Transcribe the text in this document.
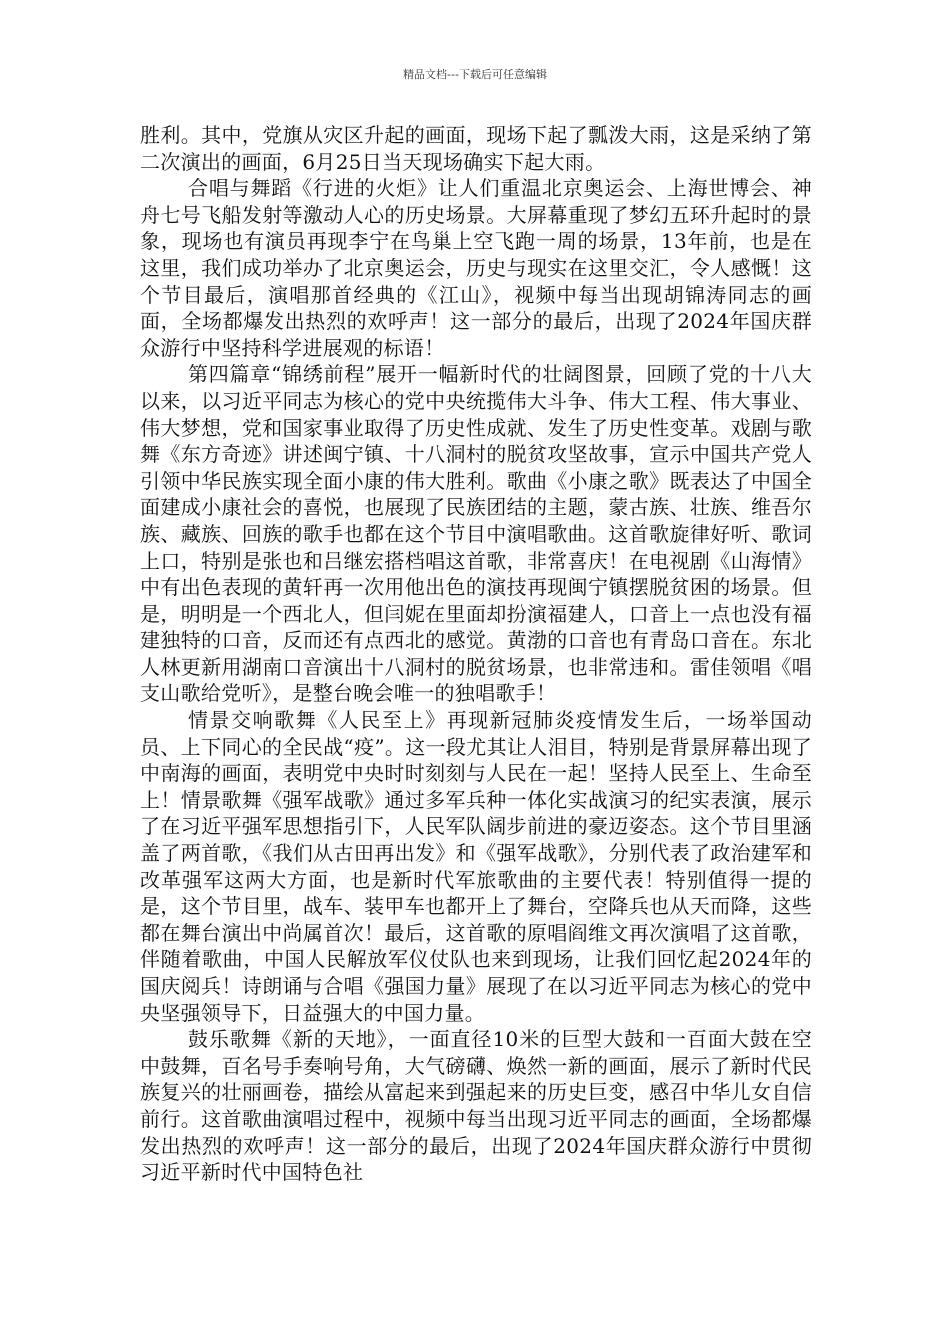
精品文档---下载后可任意编辑

胜利。其中，党旗从灾区升起的画面，现场下起了瓢泼大雨，这是采纳了第二次演出的画面，6月25日当天现场确实下起大雨。

合唱与舞蹈《行进的火炬》让人们重温北京奥运会、上海世博会、神舟七号飞船发射等激动人心的历史场景。大屏幕重现了梦幻五环升起时的景象，现场也有演员再现李宁在鸟巢上空飞跑一周的场景，13年前，也是在这里，我们成功举办了北京奥运会，历史与现实在这里交汇，令人感慨！这个节目最后，演唱那首经典的《江山》，视频中每当出现胡锦涛同志的画面，全场都爆发出热烈的欢呼声！这一部分的最后，出现了2024年国庆群众游行中坚持科学进展观的标语！

第四篇章“锦绣前程”展开一幅新时代的壮阔图景，回顾了党的十八大以来，以习近平同志为核心的党中央统揽伟大斗争、伟大工程、伟大事业、伟大梦想，党和国家事业取得了历史性成就、发生了历史性变革。戏剧与歌舞《东方奇迹》讲述闽宁镇、十八洞村的脱贫攻坚故事，宣示中国共产党人引领中华民族实现全面小康的伟大胜利。歌曲《小康之歌》既表达了中国全面建成小康社会的喜悦，也展现了民族团结的主题，蒙古族、壮族、维吾尔族、藏族、回族的歌手也都在这个节目中演唱歌曲。这首歌旋律好听、歌词上口，特别是张也和吕继宏搭档唱这首歌，非常喜庆！在电视剧《山海情》中有出色表现的黄轩再一次用他出色的演技再现闽宁镇摆脱贫困的场景。但是，明明是一个西北人，但闫妮在里面却扮演福建人，口音上一点也没有福建独特的口音，反而还有点西北的感觉。黄渤的口音也有青岛口音在。东北人林更新用湖南口音演出十八洞村的脱贫场景，也非常违和。雷佳领唱《唱支山歌给党听》，是整台晚会唯一的独唱歌手！

情景交响歌舞《人民至上》再现新冠肺炎疫情发生后，一场举国动员、上下同心的全民战“疫”。这一段尤其让人泪目，特别是背景屏幕出现了中南海的画面，表明党中央时时刻刻与人民在一起！坚持人民至上、生命至上！情景歌舞《强军战歌》通过多军兵种一体化实战演习的纪实表演，展示了在习近平强军思想指引下，人民军队阔步前进的豪迈姿态。这个节目里涵盖了两首歌，《我们从古田再出发》和《强军战歌》，分别代表了政治建军和改革强军这两大方面，也是新时代军旅歌曲的主要代表！特别值得一提的是，这个节目里，战车、装甲车也都开上了舞台，空降兵也从天而降，这些都在舞台演出中尚属首次！最后，这首歌的原唱阎维文再次演唱了这首歌，伴随着歌曲，中国人民解放军仪仗队也来到现场，让我们回忆起2024年的国庆阅兵！诗朗诵与合唱《强国力量》展现了在以习近平同志为核心的党中央坚强领导下，日益强大的中国力量。

鼓乐歌舞《新的天地》，一面直径10米的巨型大鼓和一百面大鼓在空中鼓舞，百名号手奏响号角，大气磅礴、焕然一新的画面，展示了新时代民族复兴的壮丽画卷，描绘从富起来到强起来的历史巨变，感召中华儿女自信前行。这首歌曲演唱过程中，视频中每当出现习近平同志的画面，全场都爆发出热烈的欢呼声！这一部分的最后，出现了2024年国庆群众游行中贯彻习近平新时代中国特色社
